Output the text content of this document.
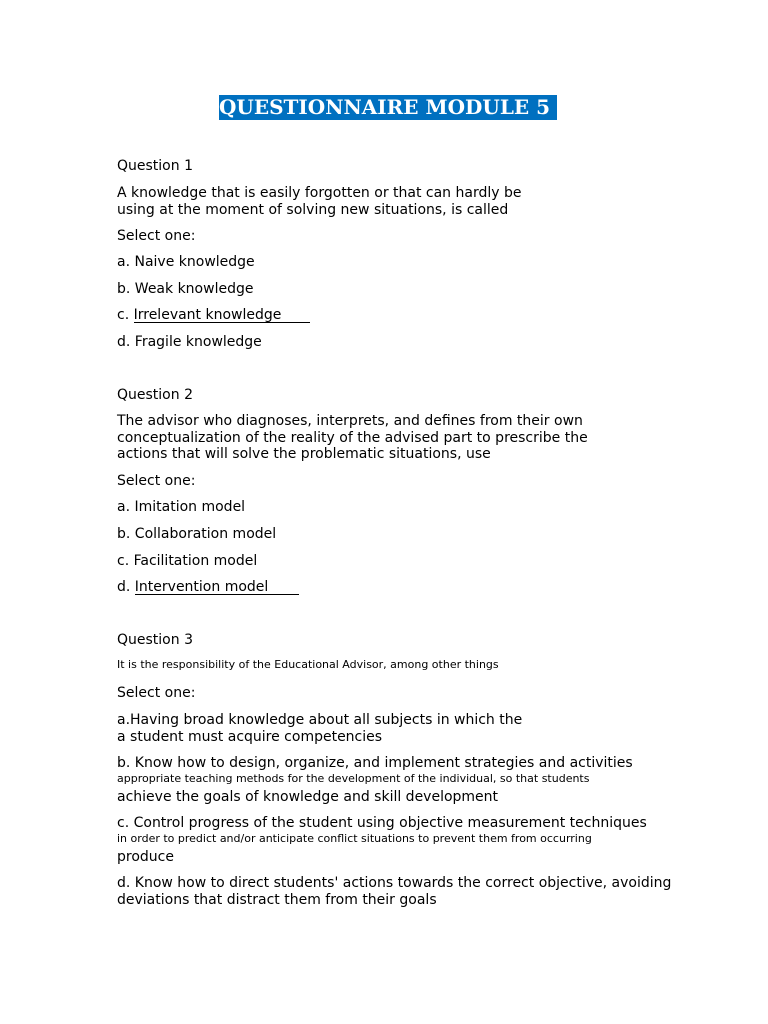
QUESTIONNAIRE MODULE 5
Question 1
A knowledge that is easily forgotten or that can hardly be
using at the moment of solving new situations, is called
Select one:
a. Naive knowledge
b. Weak knowledge
c. Irrelevant knowledge
d. Fragile knowledge
Question 2
The advisor who diagnoses, interprets, and defines from their own
conceptualization of the reality of the advised part to prescribe the
actions that will solve the problematic situations, use
Select one:
a. Imitation model
b. Collaboration model
c. Facilitation model
d. Intervention model
Question 3
It is the responsibility of the Educational Advisor, among other things
Select one:
a.Having broad knowledge about all subjects in which the
a student must acquire competencies
b. Know how to design, organize, and implement strategies and activities
appropriate teaching methods for the development of the individual, so that students
achieve the goals of knowledge and skill development
c. Control progress of the student using objective measurement techniques
in order to predict and/or anticipate conflict situations to prevent them from occurring
produce
d. Know how to direct students' actions towards the correct objective, avoiding
deviations that distract them from their goals
